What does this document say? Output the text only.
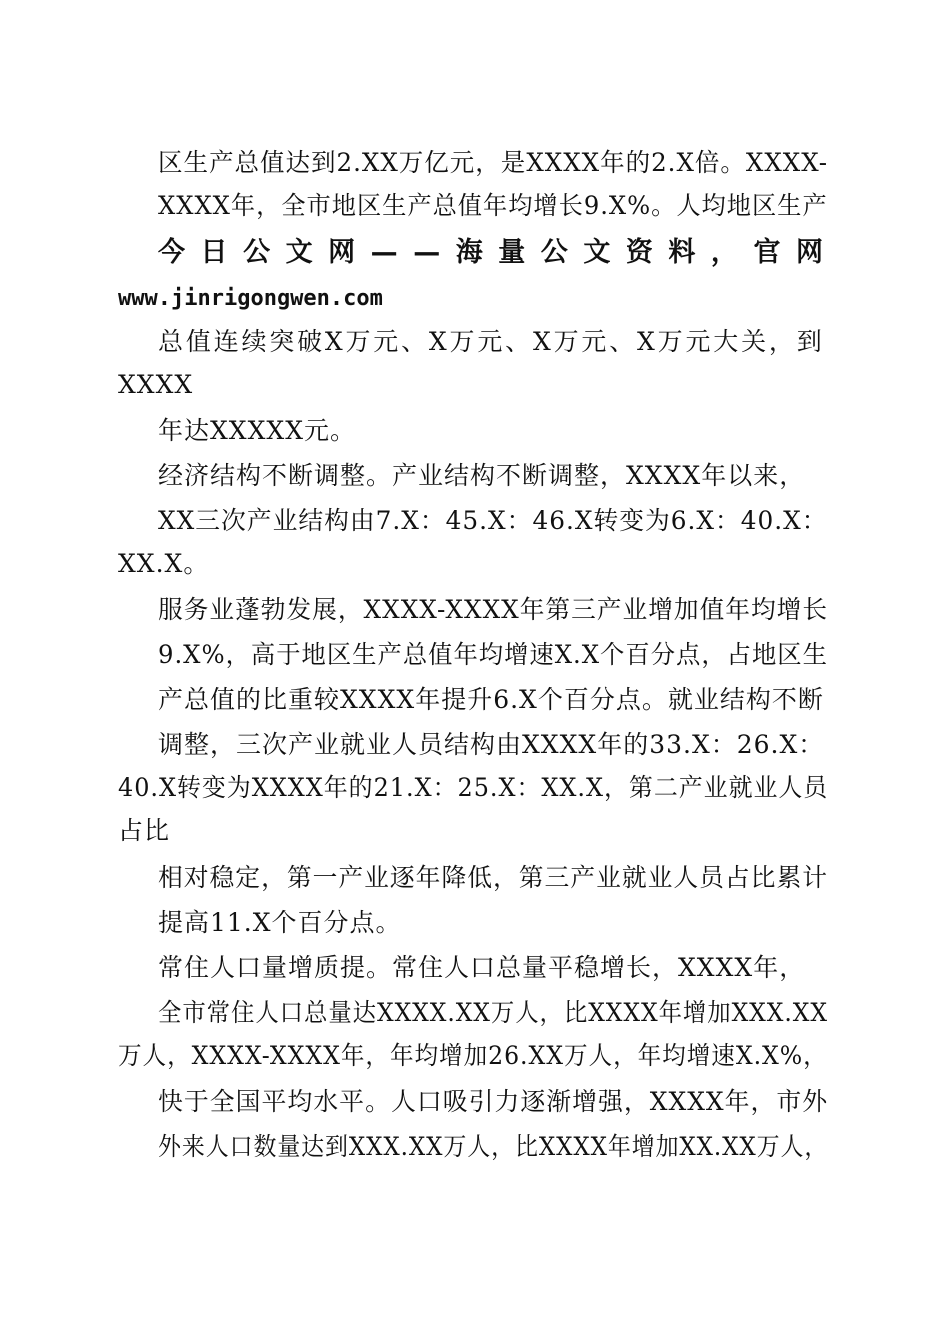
区生产总值达到2.XX万亿元，是XXXX年的2.X倍。XXXX-
XXXX年，全市地区生产总值年均增长9.X%。人均地区生产
今 日 公 文 网 — — 海 量 公 文 资 料 ， 官 网
www.jinrigongwen.com
总 值 连 续 突 破 X 万 元 、 X 万 元 、 X 万 元 、 X 万 元 大 关 ， 到
XXXX
年达XXXXX元。
经济结构不断调整。产业结构不断调整，XXXX年以来，
XX三次产业结构由7.X：45.X：46.X转变为6.X：40.X：
XX.X。
服务业蓬勃发展，XXXX-XXXX年第三产业增加值年均增长
9.X%，高于地区生产总值年均增速X.X个百分点，占地区生
产总值的比重较XXXX年提升6.X个百分点。就业结构不断
调整，三次产业就业人员结构由XXXX年的33.X：26.X：
40.X转变为XXXX年的21.X：25.X：XX.X，第二产业就业人员
占比
相对稳定，第一产业逐年降低，第三产业就业人员占比累计
提高11.X个百分点。
常住人口量增质提。常住人口总量平稳增长，XXXX年，
全市常住人口总量达XXXX.XX万人，比XXXX年增加XXX.XX
万人，XXXX-XXXX年，年均增加26.XX万人，年均增速X.X%，
快于全国平均水平。人口吸引力逐渐增强，XXXX年，市外
外来人口数量达到XXX.XX万人，比XXXX年增加XX.XX万人，
